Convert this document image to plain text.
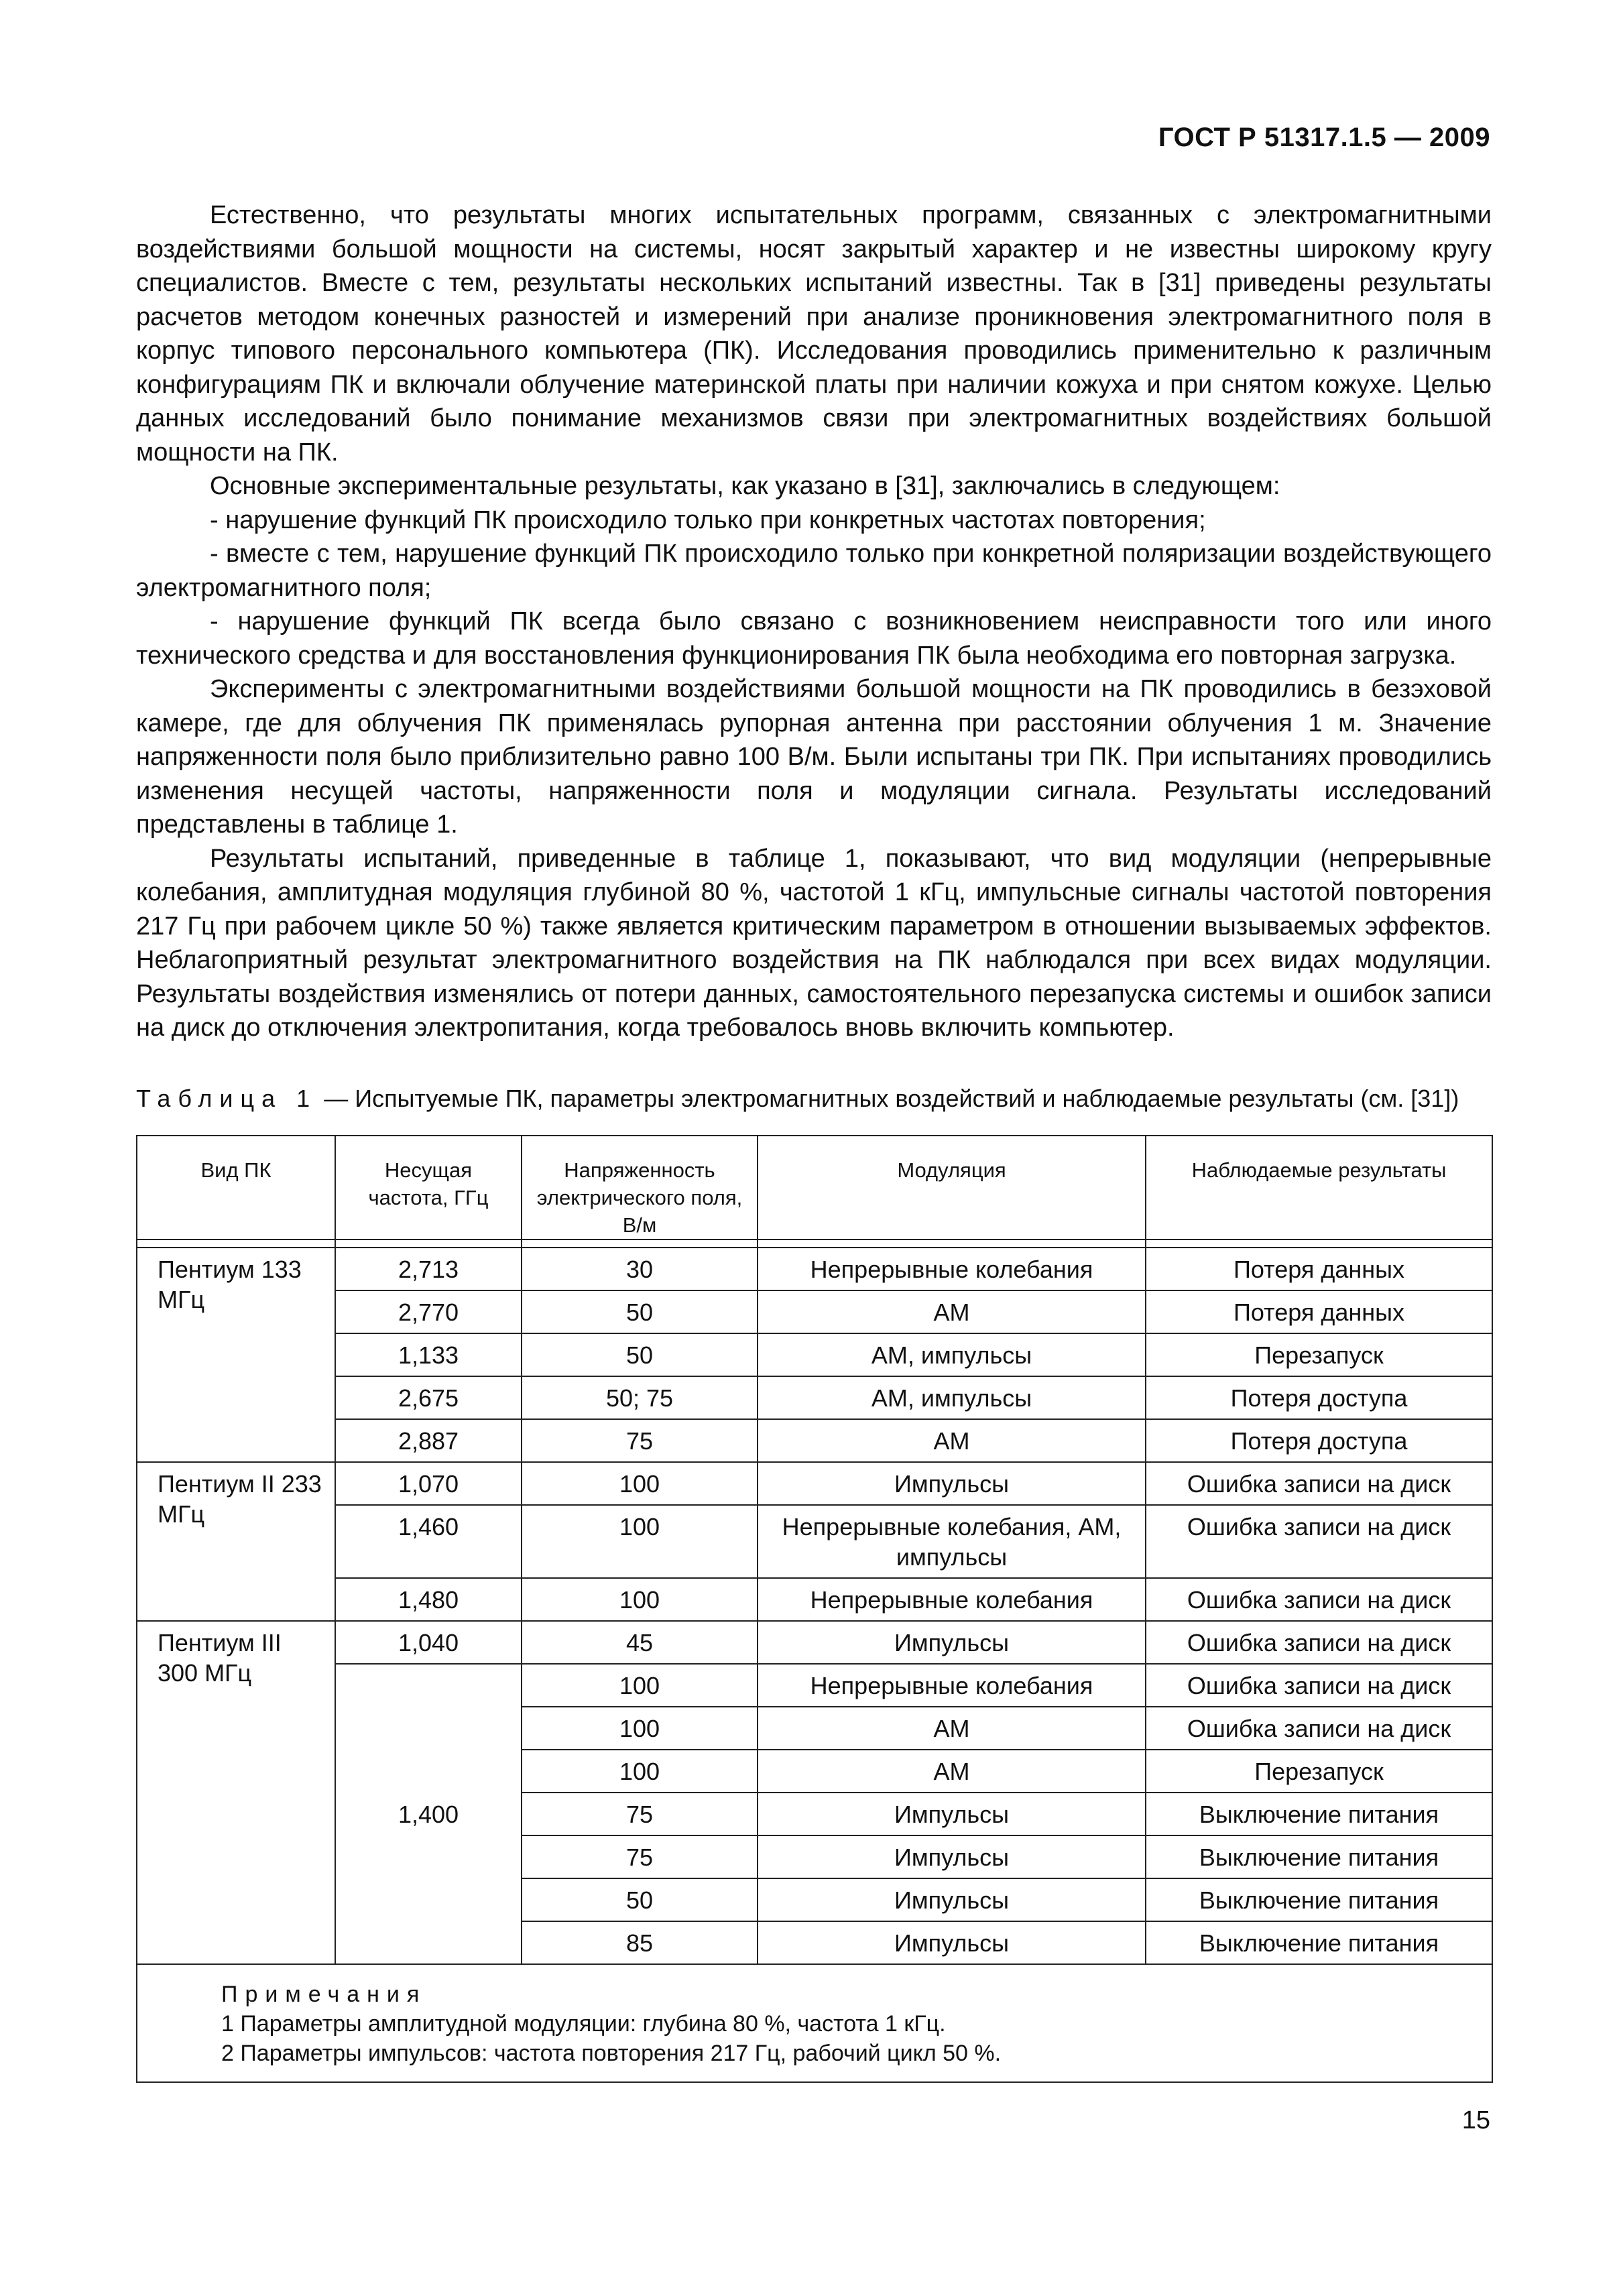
ГОСТ Р 51317.1.5 — 2009

Естественно, что результаты многих испытательных программ, связанных с электромагнитными воздействиями большой мощности на системы, носят закрытый характер и не известны широкому кругу специалистов. Вместе с тем, результаты нескольких испытаний известны. Так в [31] приведены результаты расчетов методом конечных разностей и измерений при анализе проникновения электромагнитного поля в корпус типового персонального компьютера (ПК). Исследования проводились применительно к различным конфигурациям ПК и включали облучение материнской платы при наличии кожуха и при снятом кожухе. Целью данных исследований было понимание механизмов связи при электромагнитных воздействиях большой мощности на ПК.

Основные экспериментальные результаты, как указано в [31], заключались в следующем:

- нарушение функций ПК происходило только при конкретных частотах повторения;

- вместе с тем, нарушение функций ПК происходило только при конкретной поляризации воздействующего электромагнитного поля;

- нарушение функций ПК всегда было связано с возникновением неисправности того или иного технического средства и для восстановления функционирования ПК была необходима его повторная загрузка.

Эксперименты с электромагнитными воздействиями большой мощности на ПК проводились в безэховой камере, где для облучения ПК применялась рупорная антенна при расстоянии облучения 1 м. Значение напряженности поля было приблизительно равно 100 В/м. Были испытаны три ПК. При испытаниях проводились изменения несущей частоты, напряженности поля и модуляции сигнала. Результаты исследований представлены в таблице 1.

Результаты испытаний, приведенные в таблице 1, показывают, что вид модуляции (непрерывные колебания, амплитудная модуляция глубиной 80 %, частотой 1 кГц, импульсные сигналы частотой повторения 217 Гц при рабочем цикле 50 %) также является критическим параметром в отношении вызываемых эффектов. Неблагоприятный результат электромагнитного воздействия на ПК наблюдался при всех видах модуляции. Результаты воздействия изменялись от потери данных, самостоятельного перезапуска системы и ошибок записи на диск до отключения электропитания, когда требовалось вновь включить компьютер.

Таблица 1 — Испытуемые ПК, параметры электромагнитных воздействий и наблюдаемые результаты (см. [31])
Вид ПК	Несущая частота, ГГц	Напряженность электрического поля, В/м	Модуляция	Наблюдаемые результаты

Пентиум 133 МГц	2,713	30	Непрерывные колебания	Потеря данных
	2,770	50	АМ	Потеря данных
	1,133	50	АМ, импульсы	Перезапуск
	2,675	50; 75	АМ, импульсы	Потеря доступа
	2,887	75	АМ	Потеря доступа
Пентиум II 233 МГц	1,070	100	Импульсы	Ошибка записи на диск
	1,460	100	Непрерывные колебания, АМ, импульсы	Ошибка записи на диск
	1,480	100	Непрерывные колебания	Ошибка записи на диск
Пентиум III 300 МГц	1,040	45	Импульсы	Ошибка записи на диск
	1,400	100	Непрерывные колебания	Ошибка записи на диск
		100	АМ	Ошибка записи на диск
		100	АМ	Перезапуск
		75	Импульсы	Выключение питания
		75	Импульсы	Выключение питания
		50	Импульсы	Выключение питания
		85	Импульсы	Выключение питания

Примечания
1 Параметры амплитудной модуляции: глубина 80 %, частота 1 кГц.
2 Параметры импульсов: частота повторения 217 Гц, рабочий цикл 50 %.				
15
